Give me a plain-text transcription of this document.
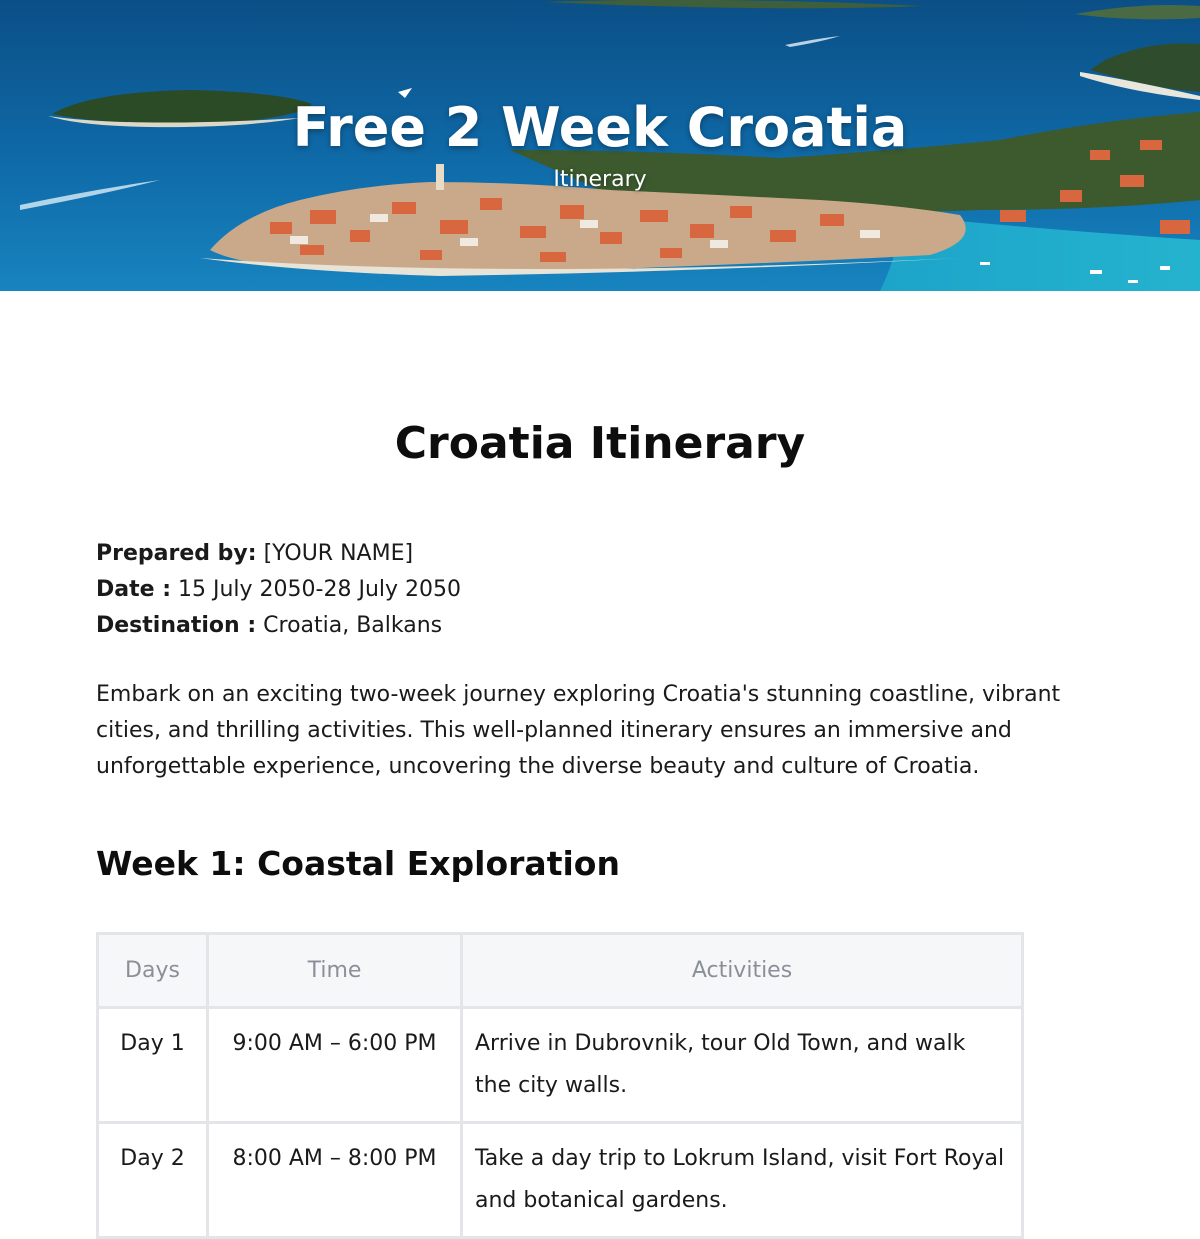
Free 2 Week Croatia
Itinerary
Croatia Itinerary
Prepared by: [YOUR NAME]
Date : 15 July 2050-28 July 2050
Destination : Croatia, Balkans

Embark on an exciting two-week journey exploring Croatia's stunning coastline, vibrant cities, and thrilling activities. This well-planned itinerary ensures an immersive and unforgettable experience, uncovering the diverse beauty and culture of Croatia.

Week 1: Coastal Exploration
Days	Time	Activities
Day 1	9:00 AM – 6:00 PM	Arrive in Dubrovnik, tour Old Town, and walk the city walls.
Day 2	8:00 AM – 8:00 PM	Take a day trip to Lokrum Island, visit Fort Royal and botanical gardens.
